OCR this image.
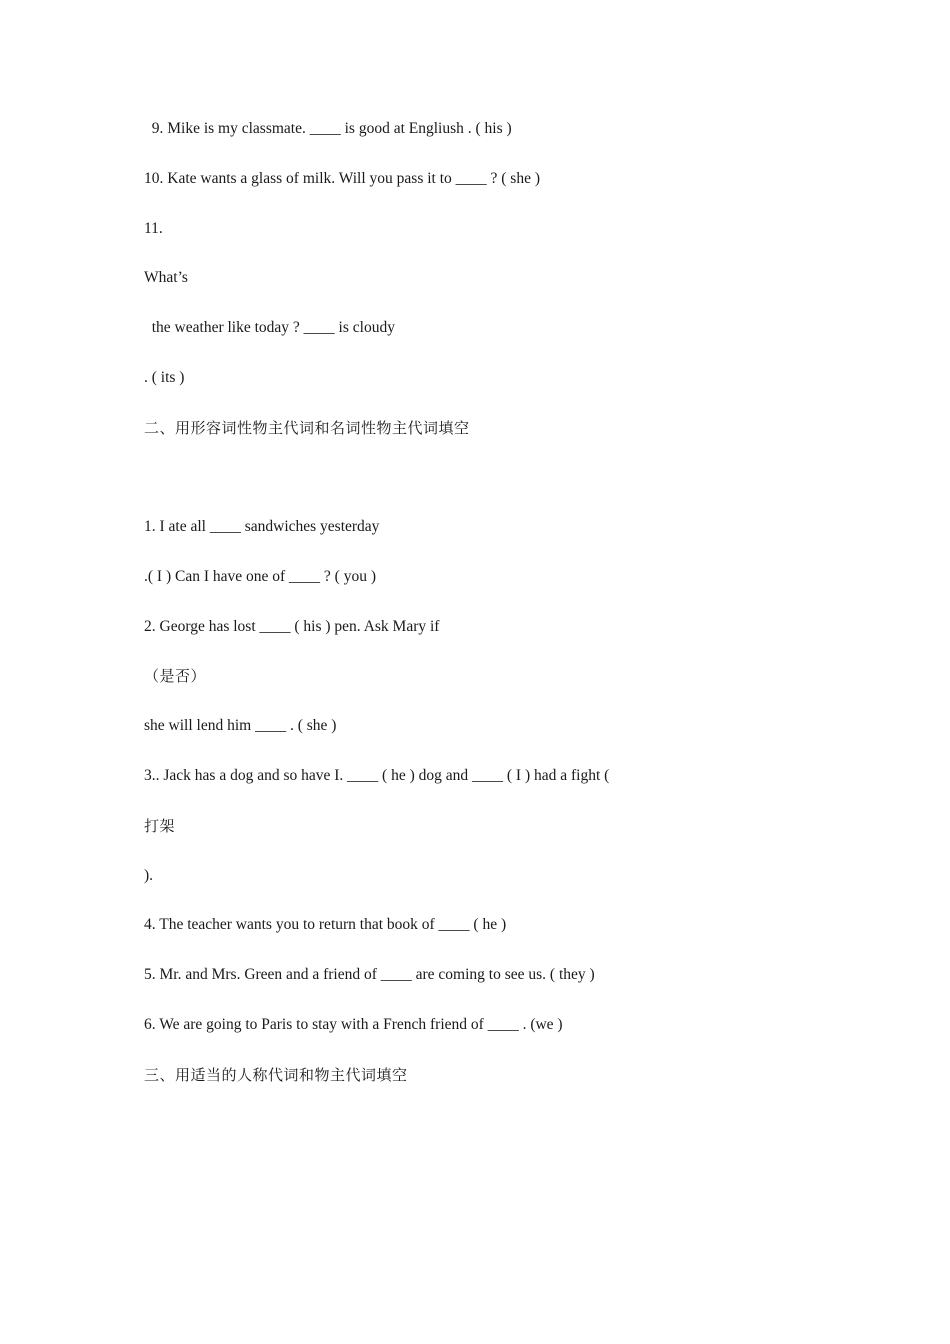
9. Mike is my classmate. ____ is good at Engliush . ( his )
10. Kate wants a glass of milk. Will you pass it to ____ ? ( she )
11.
What’s
the weather like today ? ____ is cloudy
. ( its )
二、用形容词性物主代词和名词性物主代词填空
1. I ate all ____ sandwiches yesterday
.( I ) Can I have one of ____ ? ( you )
2. George has lost ____ ( his ) pen. Ask Mary if
（是否）
she will lend him ____ . ( she )
3.. Jack has a dog and so have I. ____ ( he ) dog and ____ ( I ) had a fight (
打架
).
4. The teacher wants you to return that book of ____ ( he )
5. Mr. and Mrs. Green and a friend of ____ are coming to see us. ( they )
6. We are going to Paris to stay with a French friend of ____ . (we )
三、用适当的人称代词和物主代词填空
